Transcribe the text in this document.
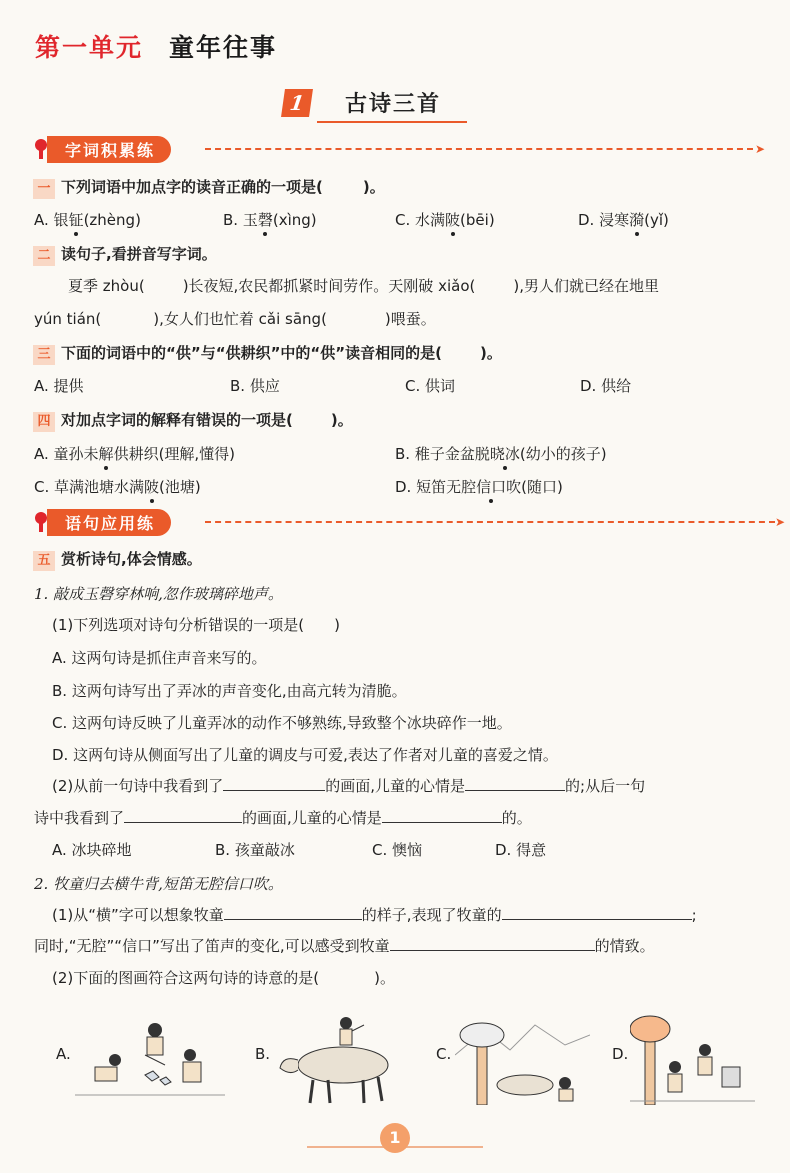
第一单元 童年往事
1	古诗三首
字词积累练	➤
一 下列词语中加点字的读音正确的一项是(	)。
A. 银钲(zhèng)	B. 玉磬(xìng)	C. 水满陂(bēi)	D. 浸寒漪(yǐ)
二 读句子,看拼音写字词。
夏季 zhòu(	)长夜短,农民都抓紧时间劳作。天刚破 xiǎo(	),男人们就已经在地里
yún tián(	),女人们也忙着 cǎi sāng(	)喂蚕。
三 下面的词语中的“供”与“供耕织”中的“供”读音相同的是(	)。
A. 提供	B. 供应	C. 供词	D. 供给
四 对加点字词的解释有错误的一项是(	)。
A. 童孙未解供耕织(理解,懂得)	B. 稚子金盆脱晓冰(幼小的孩子)
C. 草满池塘水满陂(池塘)	D. 短笛无腔信口吹(随口)
语句应用练	➤
五 赏析诗句,体会情感。
1. 敲成玉磬穿林响,忽作玻璃碎地声。
(1)下列选项对诗句分析错误的一项是( )
A. 这两句诗是抓住声音来写的。
B. 这两句诗写出了弄冰的声音变化,由高亢转为清脆。
C. 这两句诗反映了儿童弄冰的动作不够熟练,导致整个冰块碎作一地。
D. 这两句诗从侧面写出了儿童的调皮与可爱,表达了作者对儿童的喜爱之情。
(2)从前一句诗中我看到了	的画面,儿童的心情是	的;从后一句
诗中我看到了	的画面,儿童的心情是	的。
A. 冰块碎地	B. 孩童敲冰	C. 懊恼	D. 得意
2. 牧童归去横牛背,短笛无腔信口吹。
(1)从“横”字可以想象牧童	的样子,表现了牧童的	;
同时,“无腔”“信口”写出了笛声的变化,可以感受到牧童	的情致。
(2)下面的图画符合这两句诗的诗意的是(	)。
A.	B.	C.	D.
1
